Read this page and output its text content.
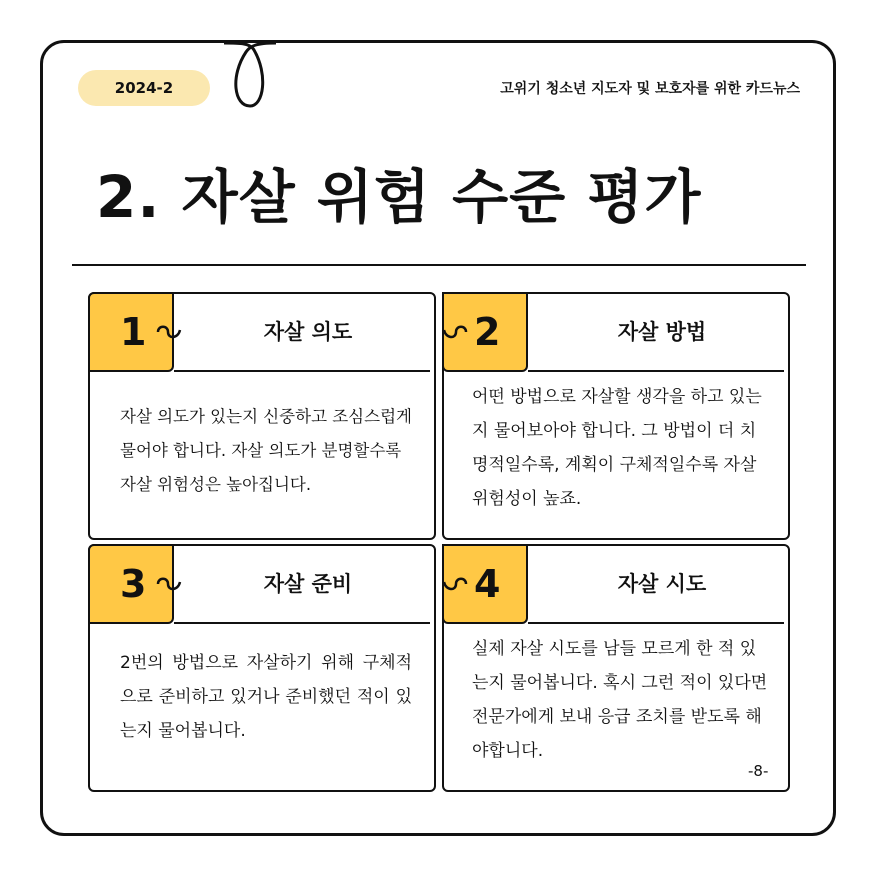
2024-2	고위기 청소년 지도자 및 보호자를 위한 카드뉴스
2. 자살 위험 수준 평가
1	자살 의도
자살 의도가 있는지 신중하고 조심스럽게 물어야 합니다. 자살 의도가 분명할수록 자살 위험성은 높아집니다.
2	자살 방법
어떤 방법으로 자살할 생각을 하고 있는지 물어보아야 합니다. 그 방법이 더 치명적일수록, 계획이 구체적일수록 자살 위험성이 높죠.
3	자살 준비
2번의 방법으로 자살하기 위해 구체적으로 준비하고 있거나 준비했던 적이 있는지 물어봅니다.
4	자살 시도
실제 자살 시도를 남들 모르게 한 적 있는지 물어봅니다. 혹시 그런 적이 있다면 전문가에게 보내 응급 조치를 받도록 해야합니다.
-8-
